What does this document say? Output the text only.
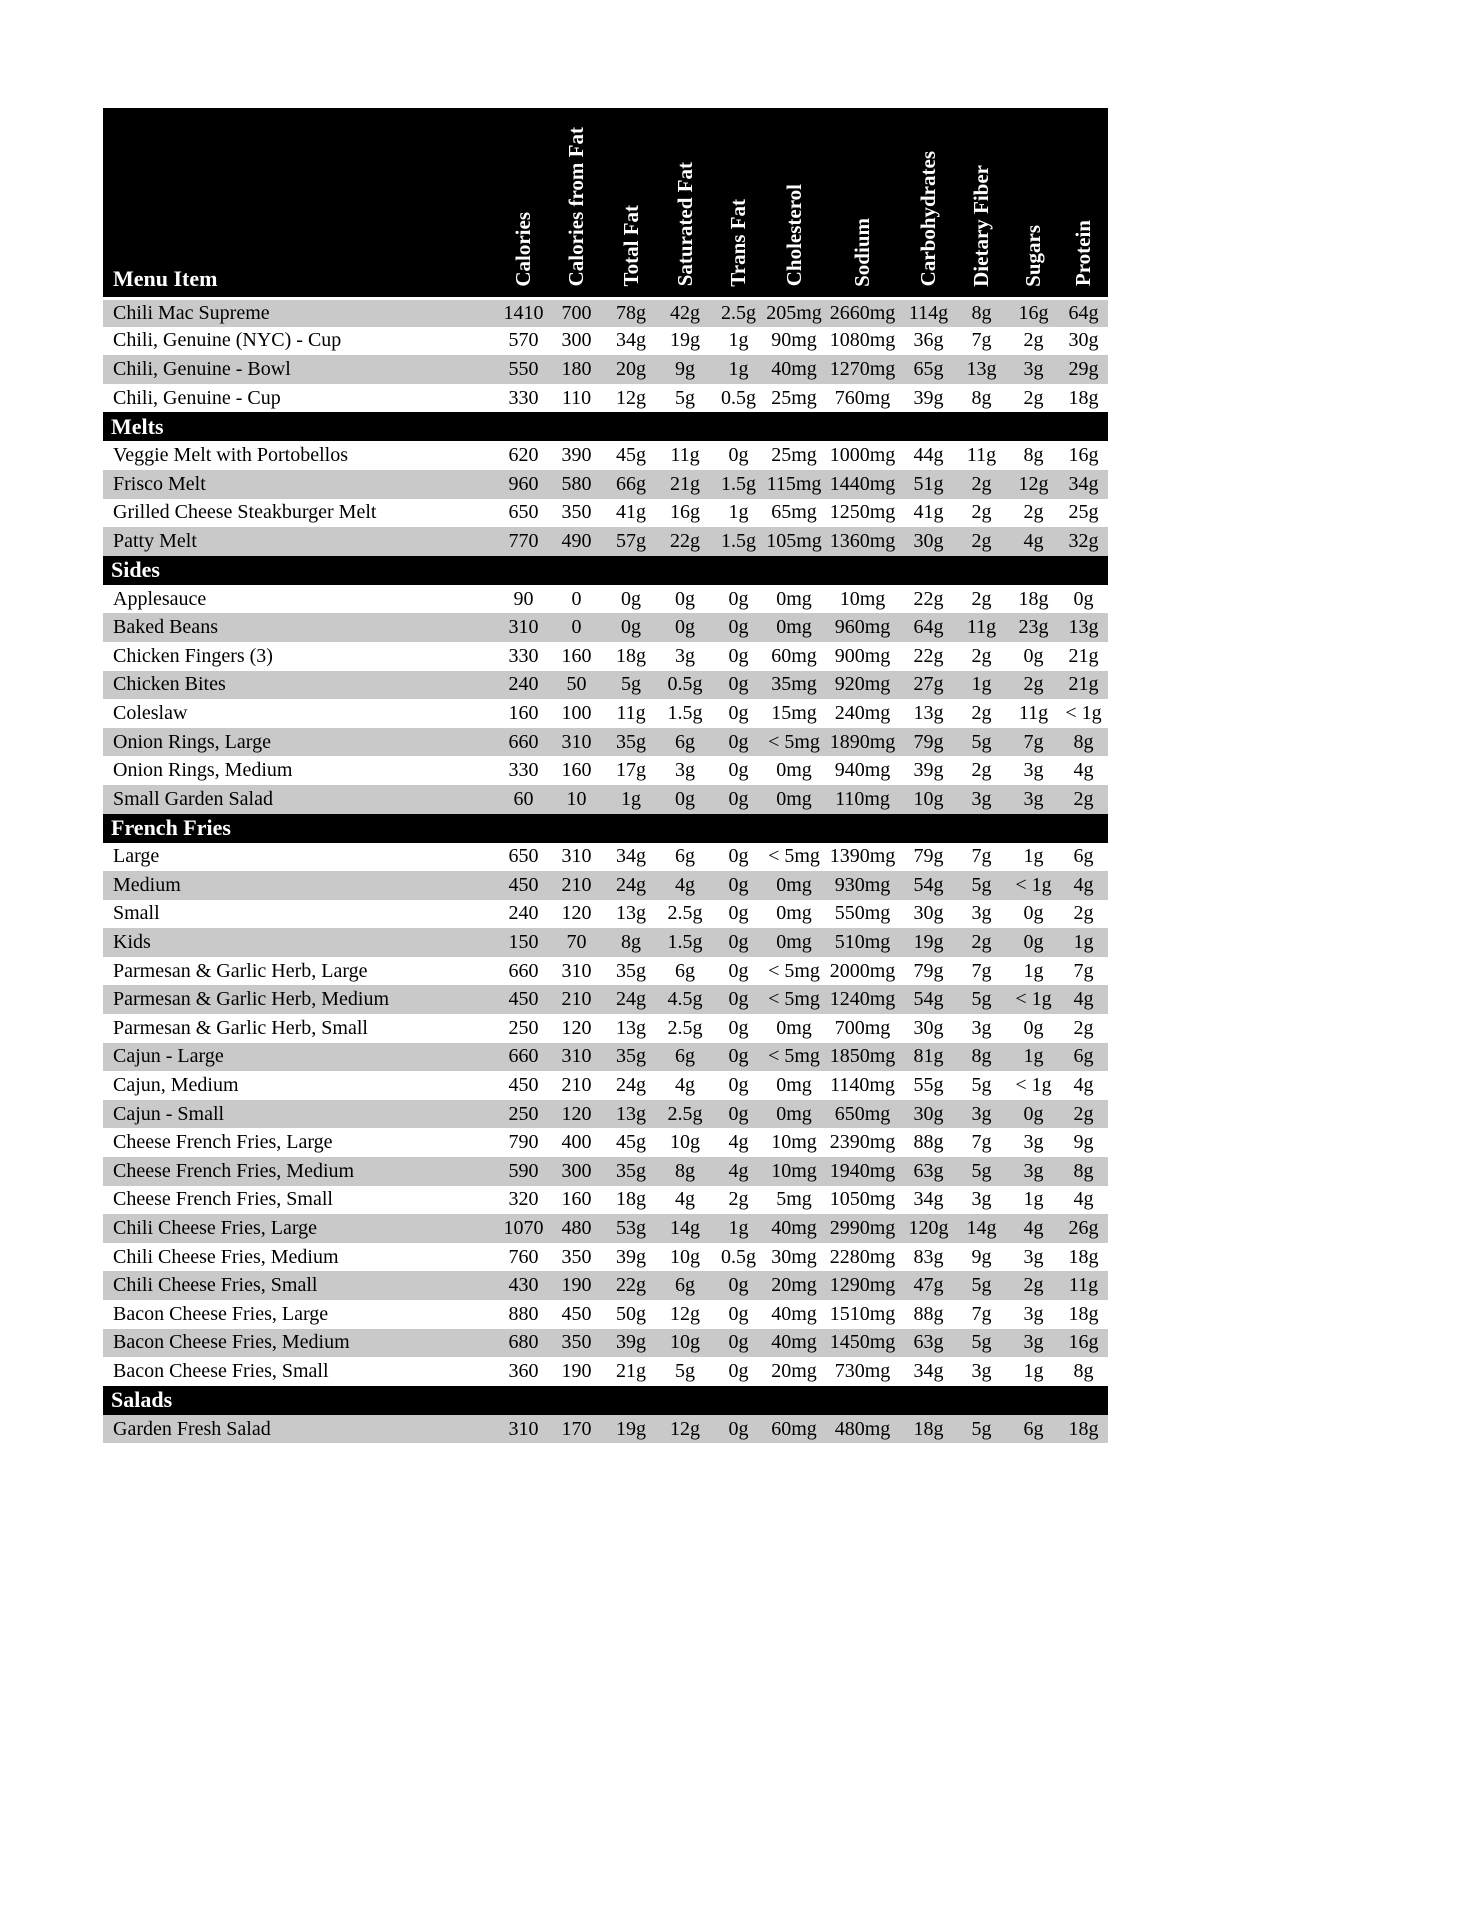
Menu Item	Calories	Calories from Fat	Total Fat	Saturated Fat	Trans Fat	Cholesterol	Sodium	Carbohydrates	Dietary Fiber	Sugars	Protein
Chili Mac Supreme	1410	700	78g	42g	2.5g	205mg	2660mg	114g	8g	16g	64g
Chili, Genuine (NYC) - Cup	570	300	34g	19g	1g	90mg	1080mg	36g	7g	2g	30g
Chili, Genuine - Bowl	550	180	20g	9g	1g	40mg	1270mg	65g	13g	3g	29g
Chili, Genuine - Cup	330	110	12g	5g	0.5g	25mg	760mg	39g	8g	2g	18g
Melts											
Veggie Melt with Portobellos	620	390	45g	11g	0g	25mg	1000mg	44g	11g	8g	16g
Frisco Melt	960	580	66g	21g	1.5g	115mg	1440mg	51g	2g	12g	34g
Grilled Cheese Steakburger Melt	650	350	41g	16g	1g	65mg	1250mg	41g	2g	2g	25g
Patty Melt	770	490	57g	22g	1.5g	105mg	1360mg	30g	2g	4g	32g
Sides											
Applesauce	90	0	0g	0g	0g	0mg	10mg	22g	2g	18g	0g
Baked Beans	310	0	0g	0g	0g	0mg	960mg	64g	11g	23g	13g
Chicken Fingers (3)	330	160	18g	3g	0g	60mg	900mg	22g	2g	0g	21g
Chicken Bites	240	50	5g	0.5g	0g	35mg	920mg	27g	1g	2g	21g
Coleslaw	160	100	11g	1.5g	0g	15mg	240mg	13g	2g	11g	< 1g
Onion Rings, Large	660	310	35g	6g	0g	< 5mg	1890mg	79g	5g	7g	8g
Onion Rings, Medium	330	160	17g	3g	0g	0mg	940mg	39g	2g	3g	4g
Small Garden Salad	60	10	1g	0g	0g	0mg	110mg	10g	3g	3g	2g
French Fries											
Large	650	310	34g	6g	0g	< 5mg	1390mg	79g	7g	1g	6g
Medium	450	210	24g	4g	0g	0mg	930mg	54g	5g	< 1g	4g
Small	240	120	13g	2.5g	0g	0mg	550mg	30g	3g	0g	2g
Kids	150	70	8g	1.5g	0g	0mg	510mg	19g	2g	0g	1g
Parmesan & Garlic Herb, Large	660	310	35g	6g	0g	< 5mg	2000mg	79g	7g	1g	7g
Parmesan & Garlic Herb, Medium	450	210	24g	4.5g	0g	< 5mg	1240mg	54g	5g	< 1g	4g
Parmesan & Garlic Herb, Small	250	120	13g	2.5g	0g	0mg	700mg	30g	3g	0g	2g
Cajun - Large	660	310	35g	6g	0g	< 5mg	1850mg	81g	8g	1g	6g
Cajun, Medium	450	210	24g	4g	0g	0mg	1140mg	55g	5g	< 1g	4g
Cajun - Small	250	120	13g	2.5g	0g	0mg	650mg	30g	3g	0g	2g
Cheese French Fries, Large	790	400	45g	10g	4g	10mg	2390mg	88g	7g	3g	9g
Cheese French Fries, Medium	590	300	35g	8g	4g	10mg	1940mg	63g	5g	3g	8g
Cheese French Fries, Small	320	160	18g	4g	2g	5mg	1050mg	34g	3g	1g	4g
Chili Cheese Fries, Large	1070	480	53g	14g	1g	40mg	2990mg	120g	14g	4g	26g
Chili Cheese Fries, Medium	760	350	39g	10g	0.5g	30mg	2280mg	83g	9g	3g	18g
Chili Cheese Fries, Small	430	190	22g	6g	0g	20mg	1290mg	47g	5g	2g	11g
Bacon Cheese Fries, Large	880	450	50g	12g	0g	40mg	1510mg	88g	7g	3g	18g
Bacon Cheese Fries, Medium	680	350	39g	10g	0g	40mg	1450mg	63g	5g	3g	16g
Bacon Cheese Fries, Small	360	190	21g	5g	0g	20mg	730mg	34g	3g	1g	8g
Salads											
Garden Fresh Salad	310	170	19g	12g	0g	60mg	480mg	18g	5g	6g	18g
